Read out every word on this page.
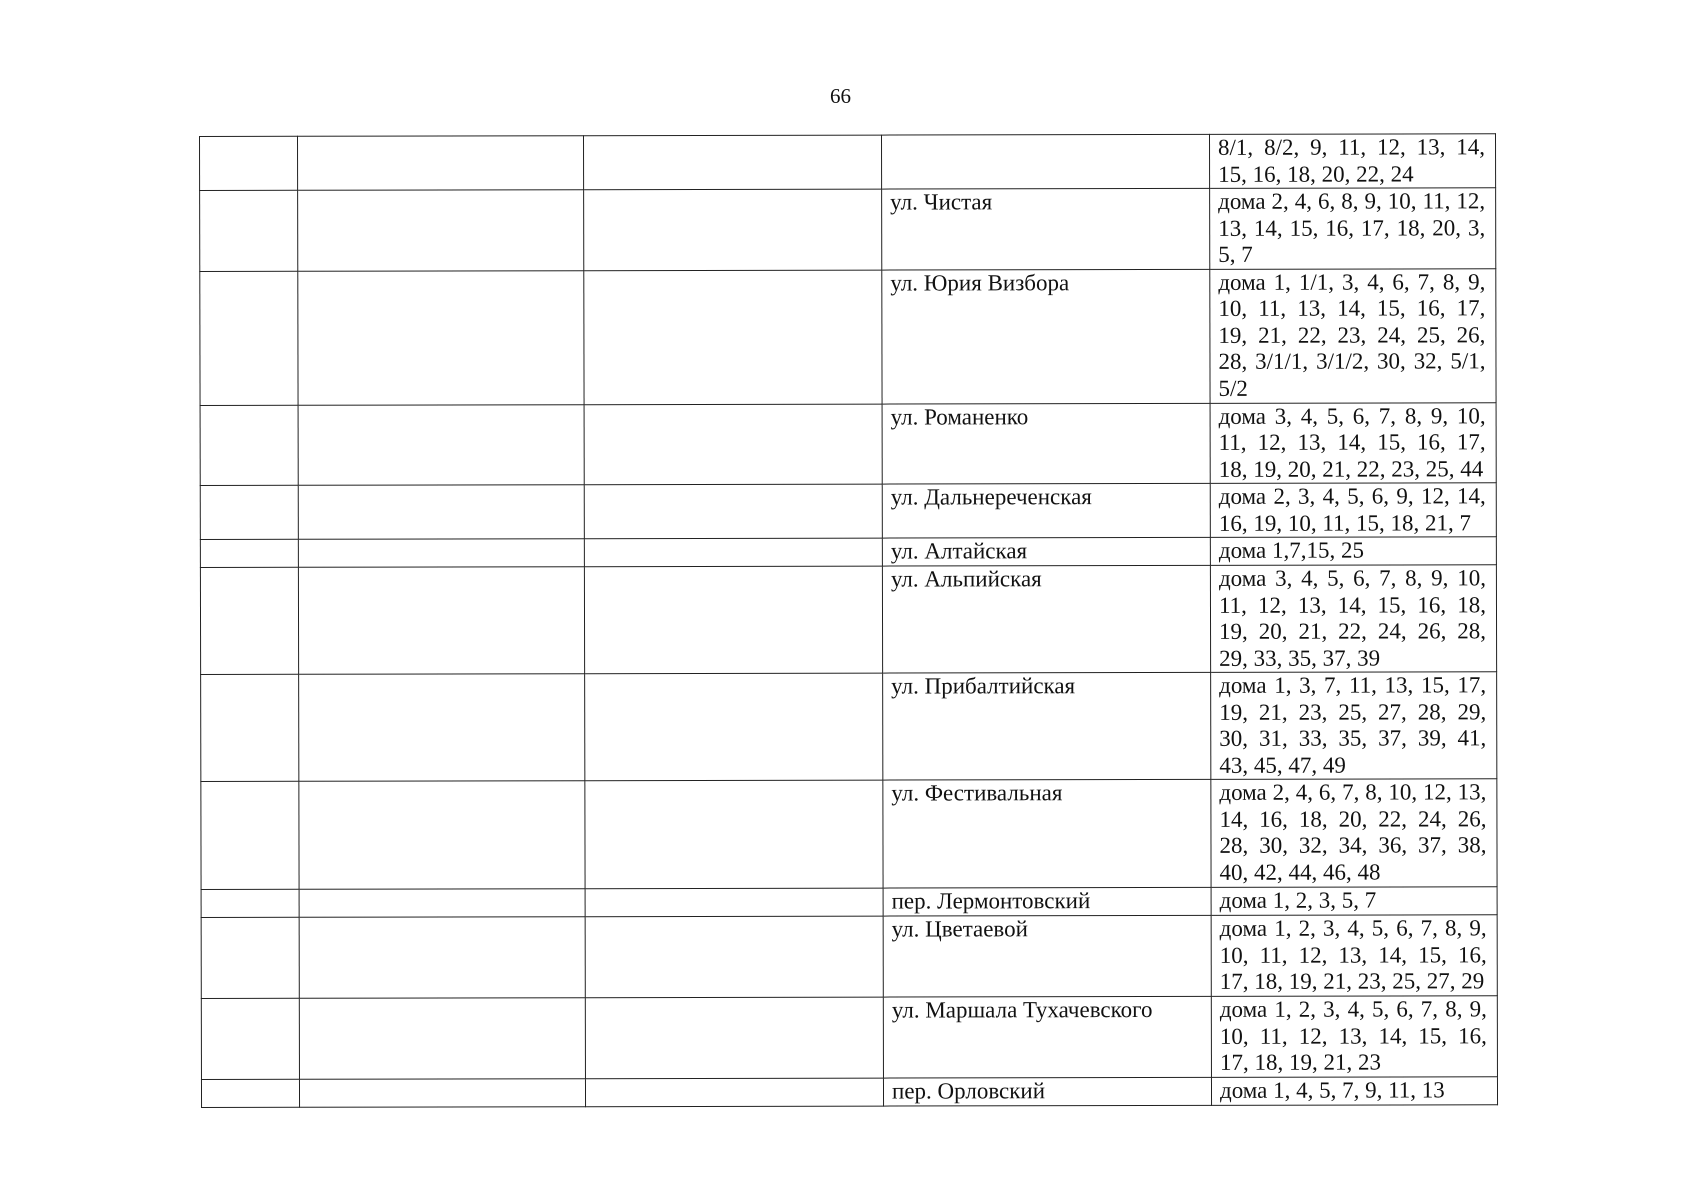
66
				8/1, 8/2, 9, 11, 12, 13, 14, 15, 16, 18, 20, 22, 24
			ул. Чистая	дома 2, 4, 6, 8, 9, 10, 11, 12, 13, 14, 15, 16, 17, 18, 20, 3, 5, 7
			ул. Юрия Визбора	дома 1, 1/1, 3, 4, 6, 7, 8, 9, 10, 11, 13, 14, 15, 16, 17, 19, 21, 22, 23, 24, 25, 26, 28, 3/1/1, 3/1/2, 30, 32, 5/1, 5/2
			ул. Романенко	дома 3, 4, 5, 6, 7, 8, 9, 10, 11, 12, 13, 14, 15, 16, 17, 18, 19, 20, 21, 22, 23, 25, 44
			ул. Дальнереченская	дома 2, 3, 4, 5, 6, 9, 12, 14, 16, 19, 10, 11, 15, 18, 21, 7
			ул. Алтайская	дома 1,7,15, 25
			ул. Альпийская	дома 3, 4, 5, 6, 7, 8, 9, 10, 11, 12, 13, 14, 15, 16, 18, 19, 20, 21, 22, 24, 26, 28, 29, 33, 35, 37, 39
			ул. Прибалтийская	дома 1, 3, 7, 11, 13, 15, 17, 19, 21, 23, 25, 27, 28, 29, 30, 31, 33, 35, 37, 39, 41, 43, 45, 47, 49
			ул. Фестивальная	дома 2, 4, 6, 7, 8, 10, 12, 13, 14, 16, 18, 20, 22, 24, 26, 28, 30, 32, 34, 36, 37, 38, 40, 42, 44, 46, 48
			пер. Лермонтовский	дома 1, 2, 3, 5, 7
			ул. Цветаевой	дома 1, 2, 3, 4, 5, 6, 7, 8, 9, 10, 11, 12, 13, 14, 15, 16, 17, 18, 19, 21, 23, 25, 27, 29
			ул. Маршала Тухачевского	дома 1, 2, 3, 4, 5, 6, 7, 8, 9, 10, 11, 12, 13, 14, 15, 16, 17, 18, 19, 21, 23
			пер. Орловский	дома 1, 4, 5, 7, 9, 11, 13
